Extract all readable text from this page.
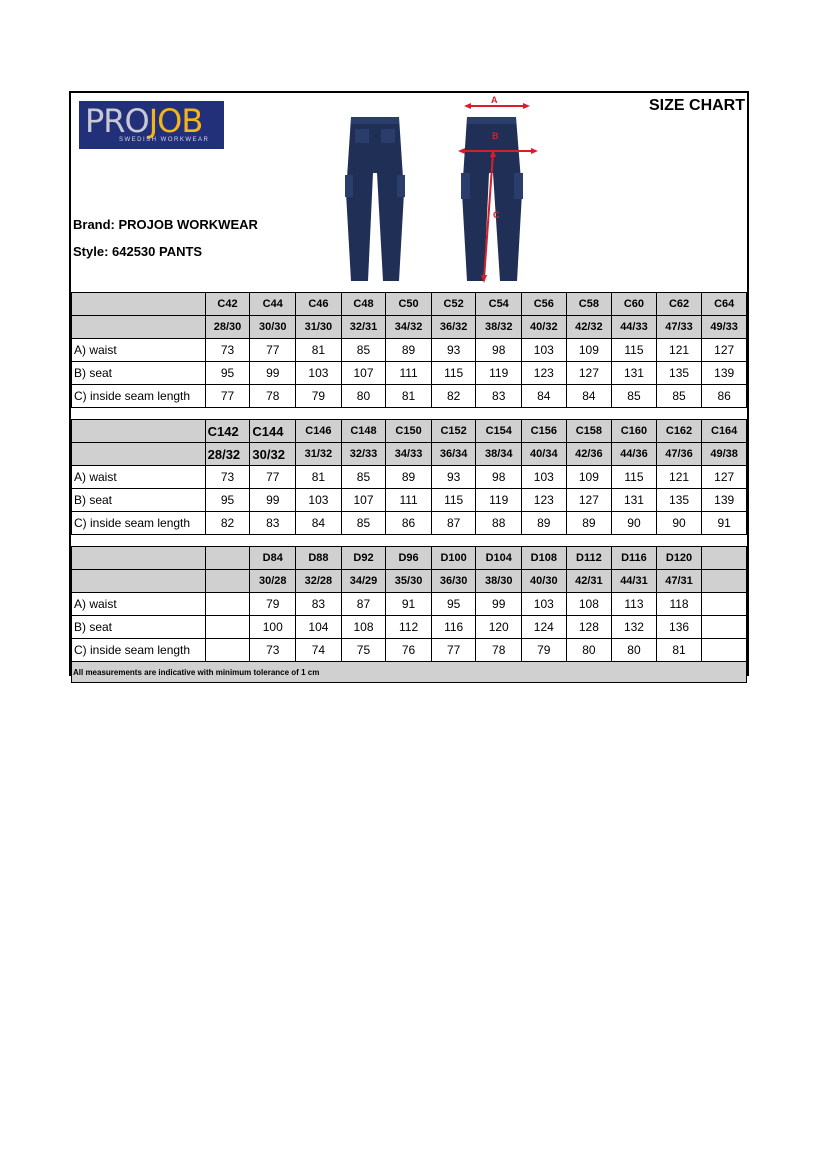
PROJOB
SWEDISH WORKWEAR
SIZE CHART
Brand: PROJOB WORKWEAR
Style: 642530 PANTS
A
B
C
	C42	C44	C46	C48	C50	C52	C54	C56	C58	C60	C62	C64
	28/30	30/30	31/30	32/31	34/32	36/32	38/32	40/32	42/32	44/33	47/33	49/33
A) waist	73	77	81	85	89	93	98	103	109	115	121	127
B) seat	95	99	103	107	111	115	119	123	127	131	135	139
C) inside seam length	77	78	79	80	81	82	83	84	84	85	85	86

	C142	C144	C146	C148	C150	C152	C154	C156	C158	C160	C162	C164
	28/32	30/32	31/32	32/33	34/33	36/34	38/34	40/34	42/36	44/36	47/36	49/38
A) waist	73	77	81	85	89	93	98	103	109	115	121	127
B) seat	95	99	103	107	111	115	119	123	127	131	135	139
C) inside seam length	82	83	84	85	86	87	88	89	89	90	90	91

		D84	D88	D92	D96	D100	D104	D108	D112	D116	D120	
		30/28	32/28	34/29	35/30	36/30	38/30	40/30	42/31	44/31	47/31	
A) waist		79	83	87	91	95	99	103	108	113	118	
B) seat		100	104	108	112	116	120	124	128	132	136	
C) inside seam length		73	74	75	76	77	78	79	80	80	81	
All measurements are indicative with minimum tolerance of 1 cm												
